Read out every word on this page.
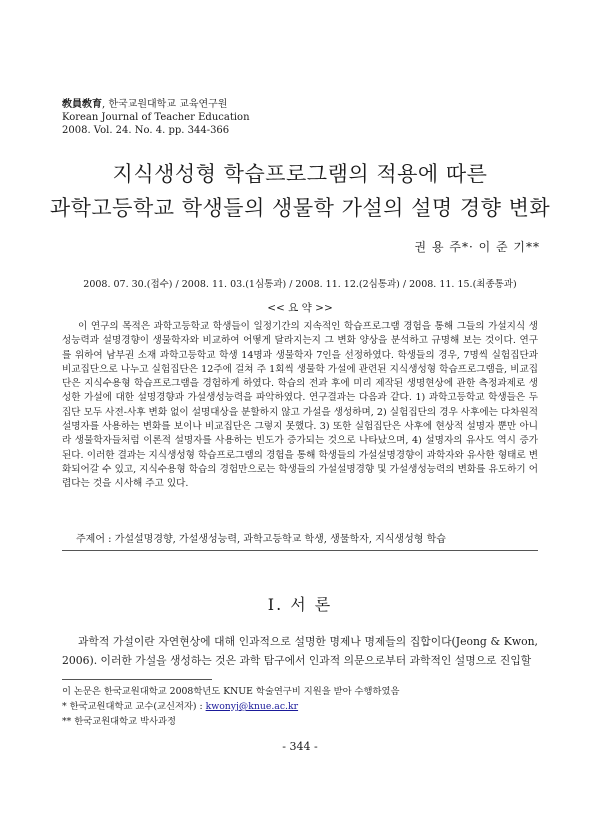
敎員敎育, 한국교원대학교 교육연구원
Korean Journal of Teacher Education
2008. Vol. 24. No. 4. pp. 344-366
지식생성형 학습프로그램의 적용에 따른
과학고등학교 학생들의 생물학 가설의 설명 경향 변화
권 용 주*· 이 준 기**
2008. 07. 30.(접수) / 2008. 11. 03.(1심통과) / 2008. 11. 12.(2심통과) / 2008. 11. 15.(최종통과)
<< 요 약 >>
이 연구의 목적은 과학고등학교 학생들이 일정기간의 지속적인 학습프로그램 경험을 통해 그들의 가설지식 생성능력과 설명경향이 생물학자와 비교하여 어떻게 달라지는지 그 변화 양상을 분석하고 규명해 보는 것이다. 연구를 위하여 남부권 소재 과학고등학교 학생 14명과 생물학자 7인을 선정하였다. 학생들의 경우, 7명씩 실험집단과 비교집단으로 나누고 실험집단은 12주에 걸쳐 주 1회씩 생물학 가설에 관련된 지식생성형 학습프로그램을, 비교집단은 지식수용형 학습프로그램을 경험하게 하였다. 학습의 전과 후에 미리 제작된 생명현상에 관한 측정과제로 생성한 가설에 대한 설명경향과 가설생성능력을 파악하였다. 연구결과는 다음과 같다. 1) 과학고등학교 학생들은 두 집단 모두 사전-사후 변화 없이 설명대상을 분할하지 않고 가설을 생성하며, 2) 실험집단의 경우 사후에는 다차원적 설명자를 사용하는 변화를 보이나 비교집단은 그렇지 못했다. 3) 또한 실험집단은 사후에 현상적 설명자 뿐만 아니라 생물학자들처럼 이론적 설명자를 사용하는 빈도가 증가되는 것으로 나타났으며, 4) 설명자의 유사도 역시 증가된다. 이러한 결과는 지식생성형 학습프로그램의 경험을 통해 학생들의 가설설명경향이 과학자와 유사한 형태로 변화되어갈 수 있고, 지식수용형 학습의 경험만으로는 학생들의 가설설명경향 및 가설생성능력의 변화를 유도하기 어렵다는 것을 시사해 주고 있다.
주제어 : 가설설명경향, 가설생성능력, 과학고등학교 학생, 생물학자, 지식생성형 학습
Ⅰ. 서 론
과학적 가설이란 자연현상에 대해 인과적으로 설명한 명제나 명제들의 집합이다(Jeong & Kwon, 2006). 이러한 가설을 생성하는 것은 과학 탐구에서 인과적 의문으로부터 과학적인 설명으로 진입할
이 논문은 한국교원대학교 2008학년도 KNUE 학술연구비 지원을 받아 수행하였음
* 한국교원대학교 교수(교신저자) : kwonyj@knue.ac.kr
** 한국교원대학교 박사과정
- 344 -
